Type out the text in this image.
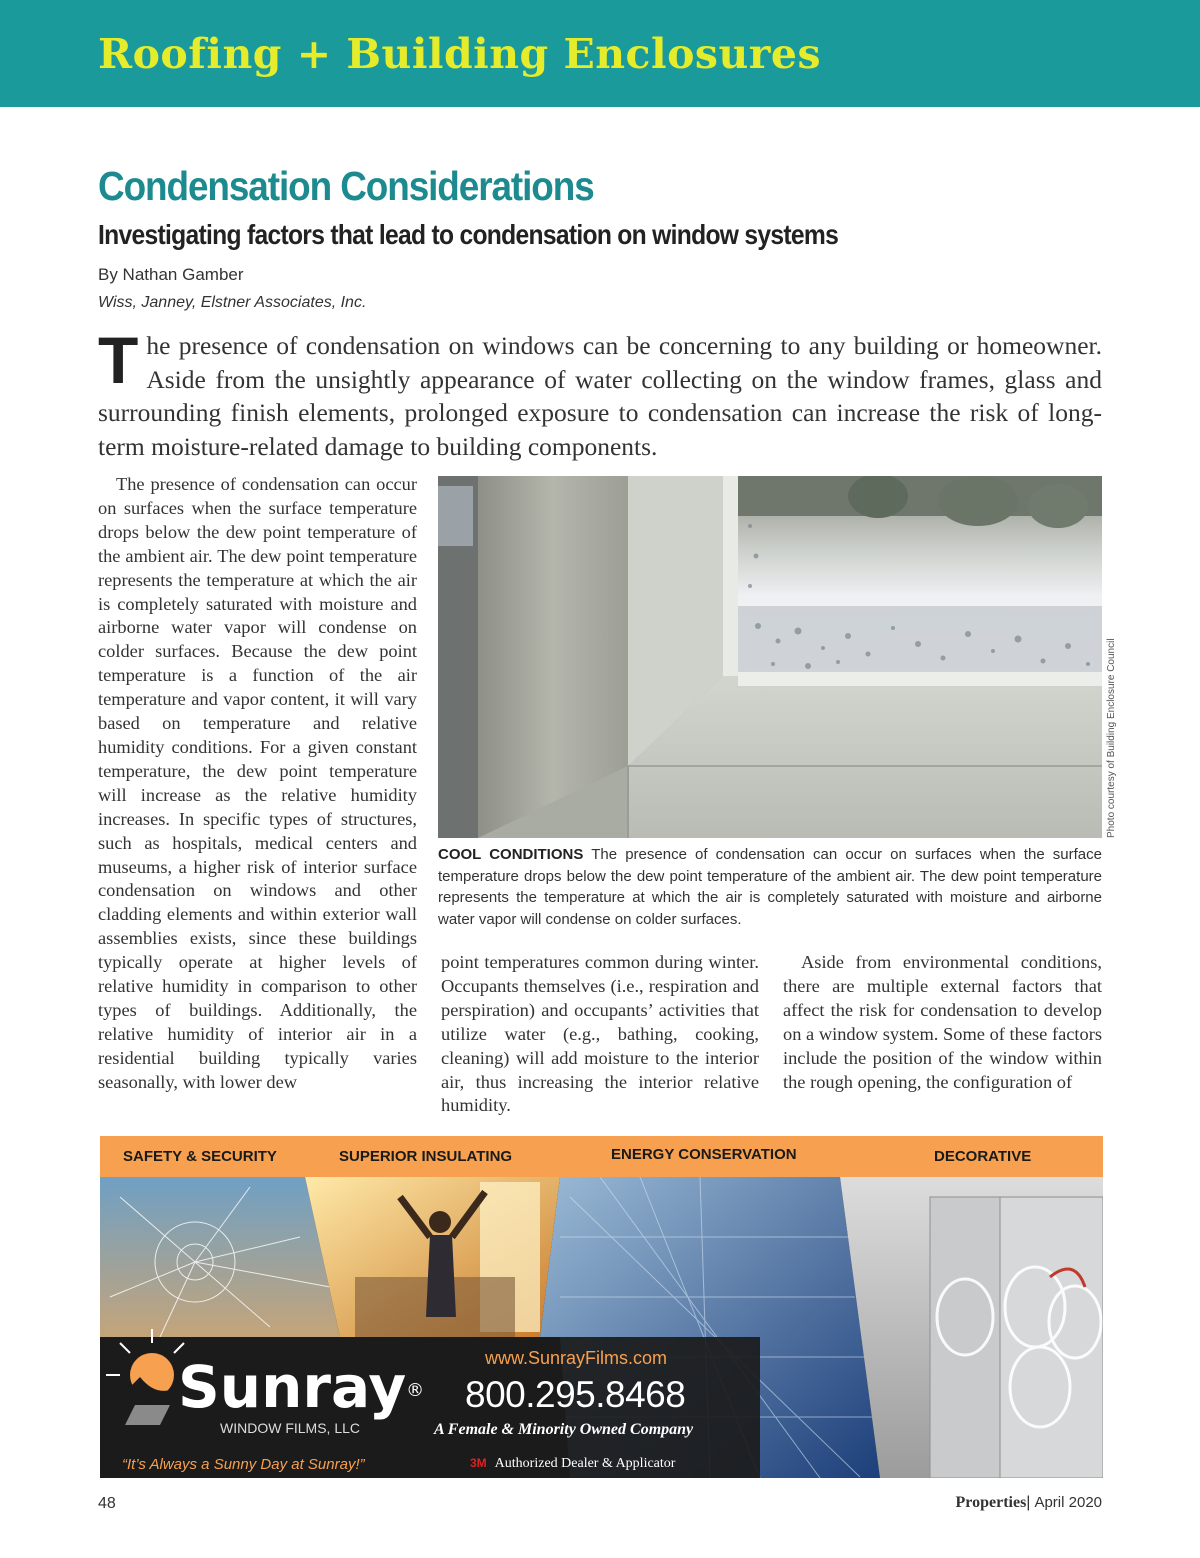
Roofing + Building Enclosures
Condensation Considerations
Investigating factors that lead to condensation on window systems
By Nathan Gamber
Wiss, Janney, Elstner Associates, Inc.
The presence of condensation on windows can be concerning to any building or homeowner. Aside from the unsightly appearance of water collecting on the window frames, glass and surrounding finish elements, prolonged exposure to condensation can increase the risk of long-term moisture-related damage to building components.
The presence of condensation can occur on surfaces when the surface temperature drops below the dew point temperature of the ambient air. The dew point temperature represents the temperature at which the air is completely saturated with moisture and airborne water vapor will condense on colder surfaces. Because the dew point temperature is a function of the air temperature and vapor content, it will vary based on temperature and relative humidity conditions. For a given constant temperature, the dew point temperature will increase as the relative humidity increases. In specific types of structures, such as hospitals, medical centers and museums, a higher risk of interior surface condensation on windows and other cladding elements and within exterior wall assemblies exists, since these buildings typically operate at higher levels of relative humidity in comparison to other types of buildings. Additionally, the relative humidity of interior air in a residential building typically varies seasonally, with lower dew
point temperatures common during winter. Occupants themselves (i.e., respiration and perspiration) and occupants’ activities that utilize water (e.g., bathing, cooking, cleaning) will add moisture to the interior air, thus increasing the interior relative humidity.
Aside from environmental conditions, there are multiple external factors that affect the risk for condensation to develop on a window system. Some of these factors include the position of the window within the rough opening, the configuration of
Photo courtesy of Building Enclosure Council
COOL CONDITIONS The presence of condensation can occur on surfaces when the surface temperature drops below the dew point temperature of the ambient air. The dew point temperature represents the temperature at which the air is completely saturated with moisture and airborne water vapor will condense on colder surfaces.
SAFETY & SECURITY	SUPERIOR INSULATING	ENERGY CONSERVATION	DECORATIVE
Sunray®
WINDOW FILMS, LLC
“It’s Always a Sunny Day at Sunray!”
www.SunrayFilms.com
800.295.8468
A Female & Minority Owned Company
3M Authorized Dealer & Applicator
48	Properties| April 2020
